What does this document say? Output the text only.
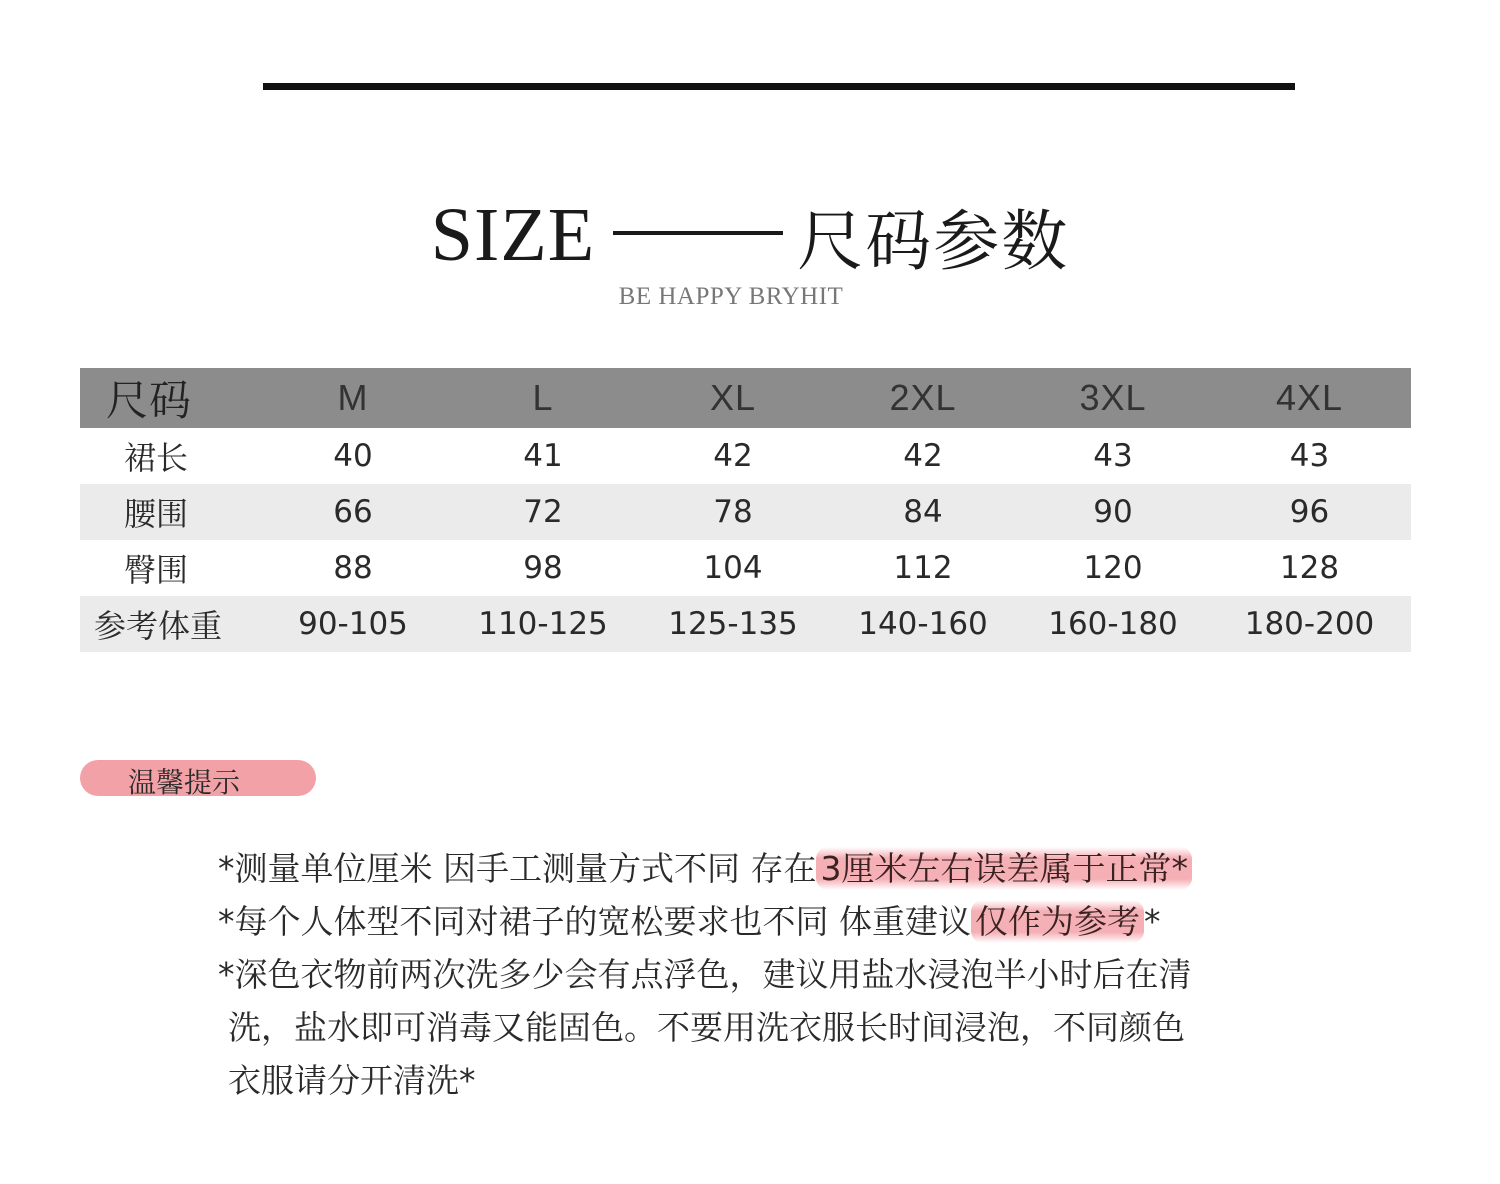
SIZE	尺码参数
BE HAPPY BRYHIT
尺码	M	L	XL	2XL	3XL	4XL
裙长	40	41	42	42	43	43
腰围	66	72	78	84	90	96
臀围	88	98	104	112	120	128
参考体重	90-105	110-125	125-135	140-160	160-180	180-200
温馨提示

*测量单位厘米 因手工测量方式不同 存在 3厘米左右误差属于正常*

*每个人体型不同对裙子的宽松要求也不同 体重建议 仅作为参考 *

*深色衣物前两次洗多少会有点浮色，建议用盐水浸泡半小时后在清

洗，盐水即可消毒又能固色。不要用洗衣服长时间浸泡，不同颜色

衣服请分开清洗*
